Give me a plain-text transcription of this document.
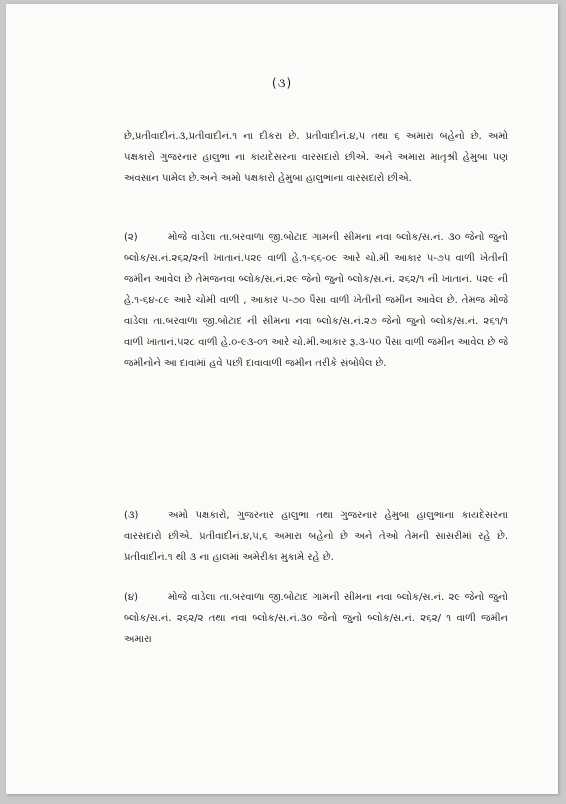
(૩)

છે,પ્રતીવાદીનં.૩,પ્રતીવાદીનં.૧ ના દીકરા છે. પ્રતીવાદીનં.૪,૫ તથા ૬ અમારા બહેનો છે. અમો પક્ષકારો ગુજરનાર હાલુભા ના કાયદેસરના વારસદારો છીએ. અને અમારા માતૃશ્રી હેમુબા પણ અવસાન પામેલ છે.અને અમો પક્ષકારો હેમુબા હાલુભાના વારસદારો છીએ.

(૨)	મોજે વાડેલા તા.બરવાળા જી.બોટાદ ગામની સીમના નવા બ્લોક/સ.નં. ૩૦ જેનો જુનો બ્લોક/સ.નં.૨૬૨/૨ની ખાતાનં.૫૨૯ વાળી હે.૧-૬૬-૦૯ આરે ચો.મી આકાર ૫-૭૫ વાળી ખેતીની જમીન આવેલ છે તેમજનવા બ્લોક/સ.નં.૨૯ જેનો જુનો બ્લોક/સ.નં. ૨૬૨/૧ ની ખાતાનં. ૫૨૯ ની હે.૧-૬૪-૮૯ આરે ચોમી વાળી , આકાર ૫-૭૦ પૈસા વાળી ખેતીની જમીન આવેલ છે. તેમજ મોજે વાડેલા તા.બરવાળા જી.બોટાદ ની સીમના નવા બ્લોક/સ.નં.૨૭ જેનો જુનો બ્લોક/સ.નં. ૨૬૧/૧ વાળી ખાતાનં.૫૨૮ વાળી હે.૦-૯૩-૦૧ આરે ચો.મી.આકાર રૂ.૩-૫૦ પૈસા વાળી જમીન આવેલ છે જે જમીનોને આ દાવામાં હવે પછી દાવાવાળી જમીન તરીકે સંબોધેલ છે.

(૩)	અમો પક્ષકારો, ગુજરનાર હાલુભા તથા ગુજરનાર હેમુબા હાલુભાના કાયદેસરના વારસદારો છીએ. પ્રતીવાદીનં.૪,૫,૬ અમારા બહેનો છે અને તેઓ તેમની સાસરીમાં રહે છે. પ્રતીવાદીનં.૧ થી ૩ ના હાલમાં અમેરીકા મુકામે રહે છે.

(૪)	મોજે વાડેલા તા.બરવાળા જી.બોટાદ ગામની સીમના નવા બ્લોક/સ.નં. ૨૯ જેનો જુનો બ્લોક/સ.નં. ૨૬૨/૨ તથા નવા બ્લોક/સ.નં.૩૦ જેનો જુનો બ્લોક/સ.નં. ૨૬૨/ ૧ વાળી જમીન અમારા
